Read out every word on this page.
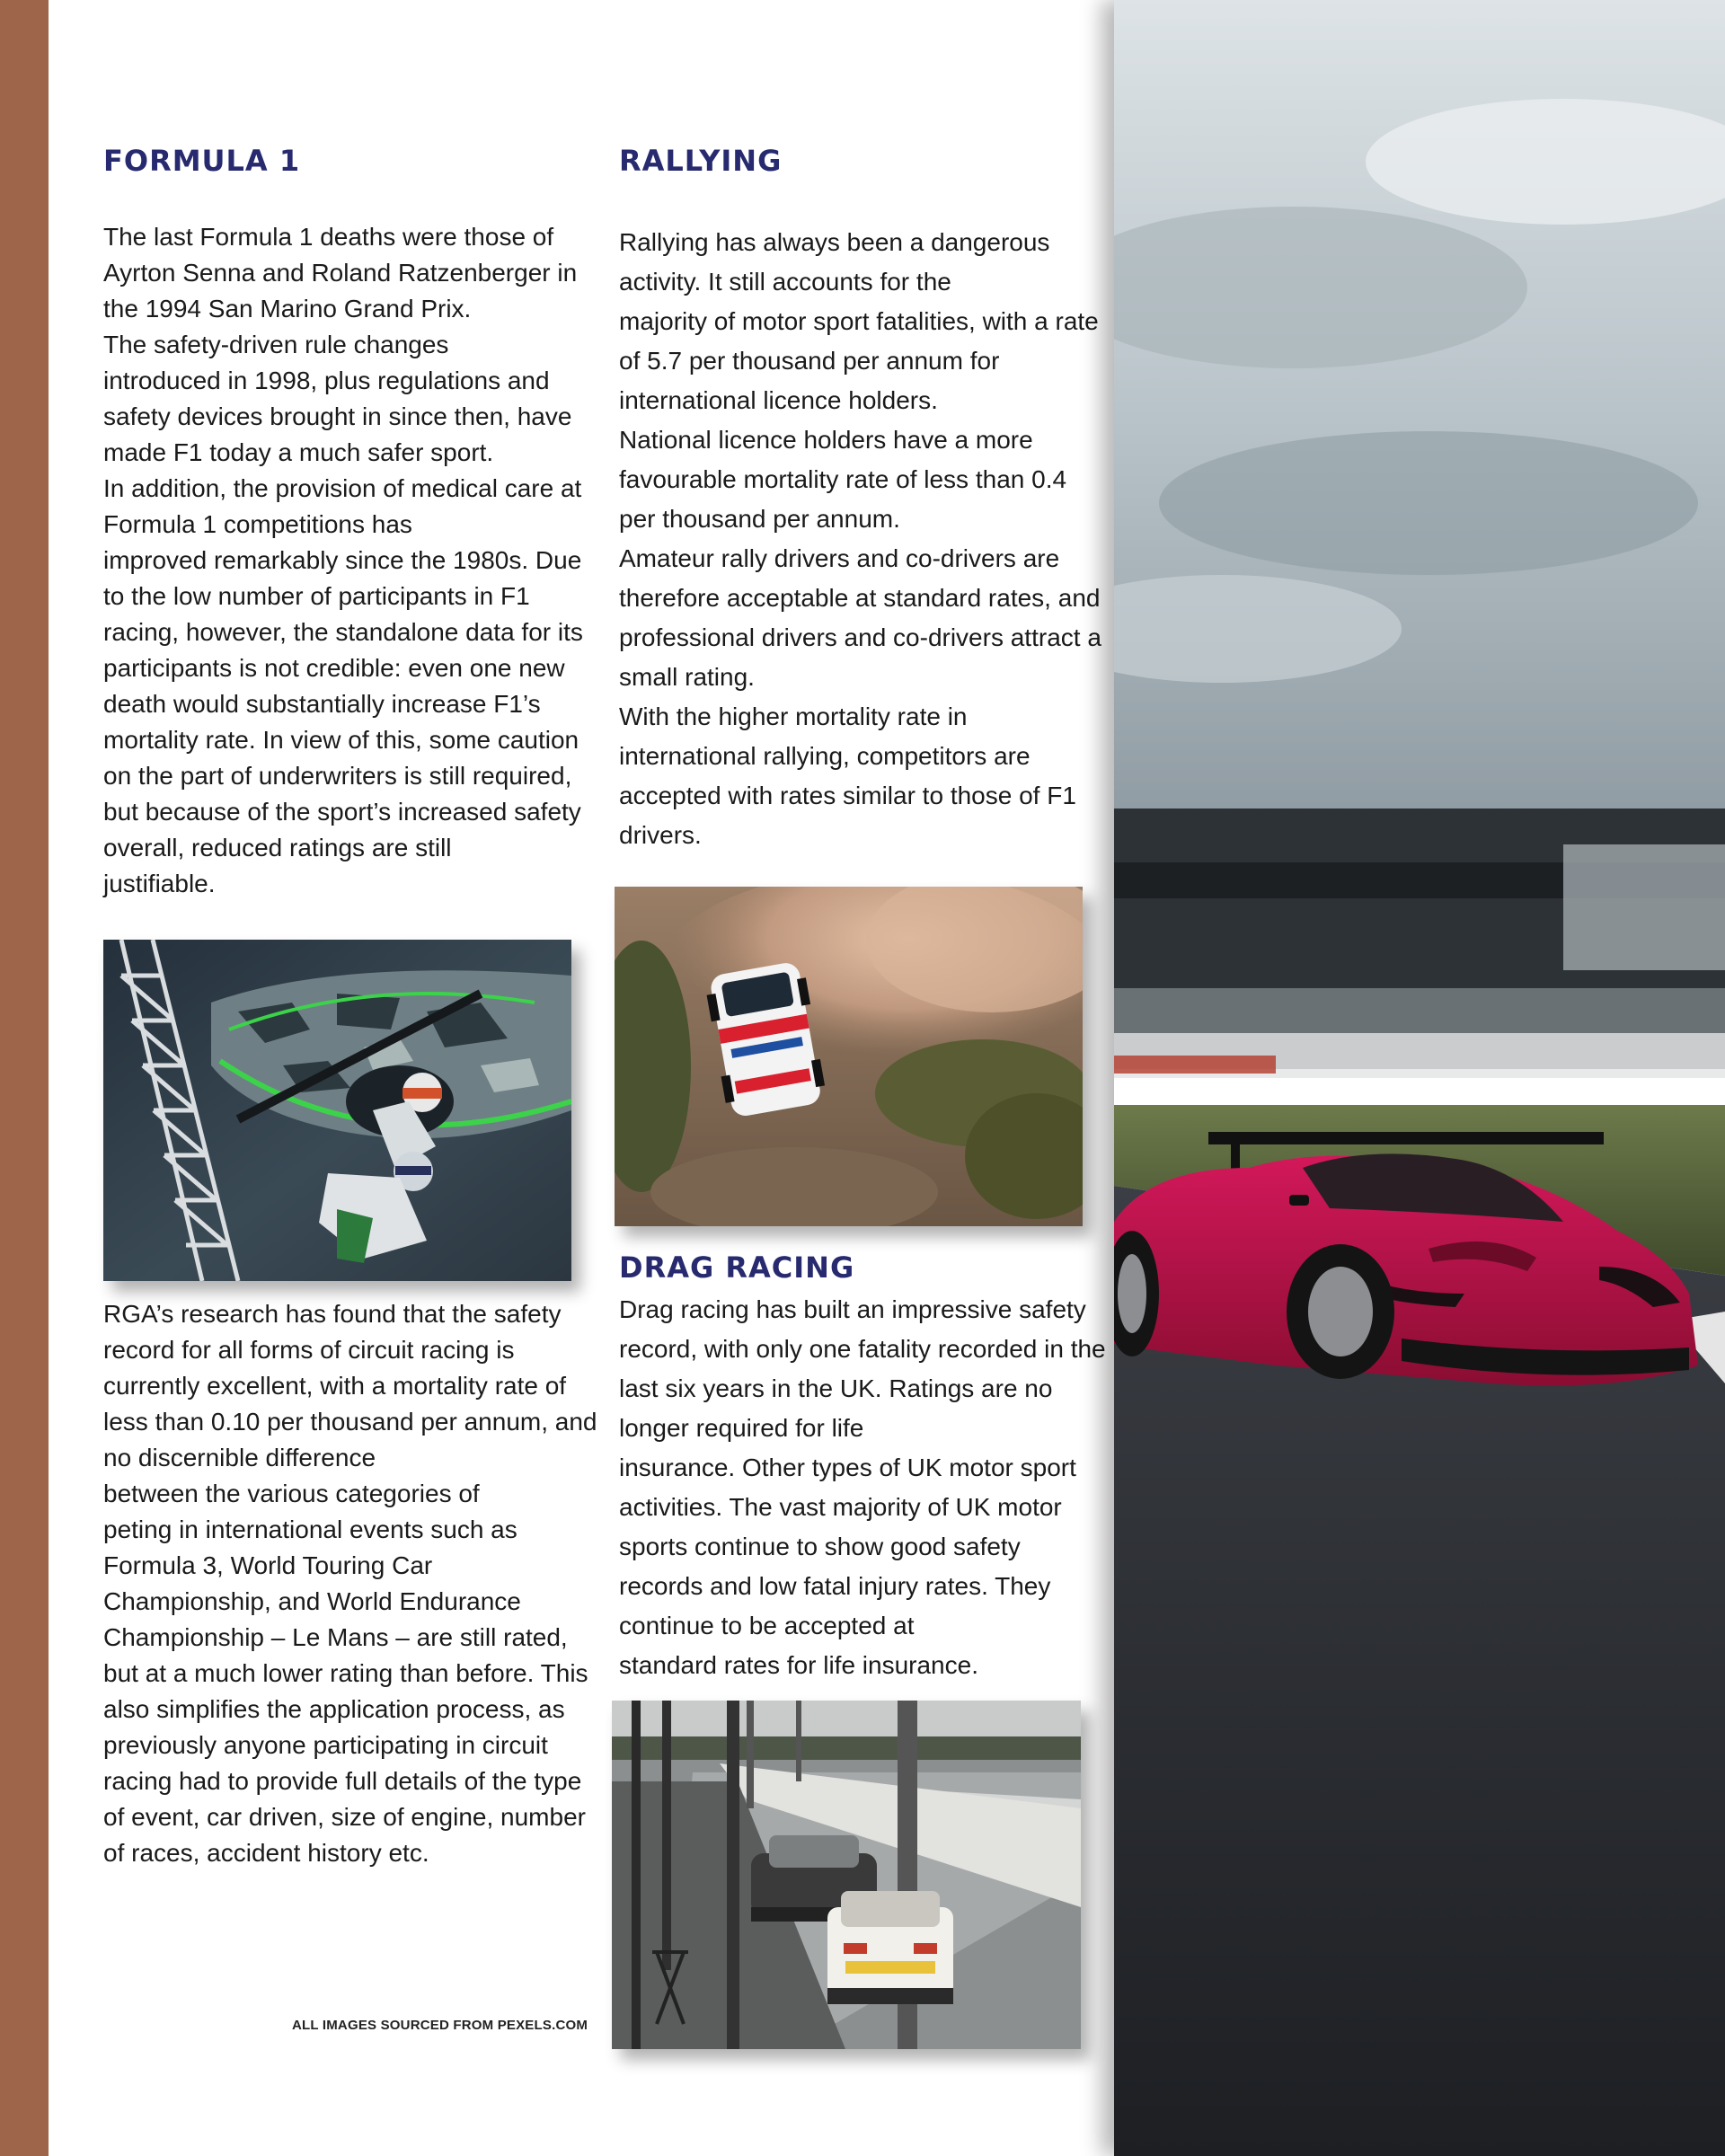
FORMULA 1

The last Formula 1 deaths were those of Ayrton Senna and Roland Ratzenberger in the 1994 San Marino Grand Prix.
The safety-driven rule changes
introduced in 1998, plus regulations and safety devices brought in since then, have made F1 today a much safer sport.
In addition, the provision of medical care at Formula 1 competitions has
improved remarkably since the 1980s. Due to the low number of participants in F1 racing, however, the standalone data for its participants is not credible: even one new death would substantially increase F1’s mortality rate. In view of this, some caution on the part of underwriters is still required, but because of the sport’s increased safety overall, reduced ratings are still
justifiable.

RGA’s research has found that the safety record for all forms of circuit racing is currently excellent, with a mortality rate of less than 0.10 per thousand per annum, and no discernible difference
between the various categories of
peting in international events such as Formula 3, World Touring Car Championship, and World Endurance Championship – Le Mans – are still rated, but at a much lower rating than before. This also simplifies the application process, as previously anyone participating in circuit racing had to provide full details of the type of event, car driven, size of engine, number of races, accident history etc.

ALL IMAGES SOURCED FROM PEXELS.COM

RALLYING

Rallying has always been a dangerous activity. It still accounts for the
majority of motor sport fatalities, with a rate of 5.7 per thousand per annum for international licence holders.
National licence holders have a more favourable mortality rate of less than 0.4 per thousand per annum.
Amateur rally drivers and co-drivers are therefore acceptable at standard rates, and professional drivers and co-drivers attract a small rating.
With the higher mortality rate in international rallying, competitors are accepted with rates similar to those of F1 drivers.

DRAG RACING

Drag racing has built an impressive safety record, with only one fatality recorded in the last six years in the UK. Ratings are no longer required for life
insurance. Other types of UK motor sport activities. The vast majority of UK motor sports continue to show good safety records and low fatal injury rates. They continue to be accepted at
standard rates for life insurance.
